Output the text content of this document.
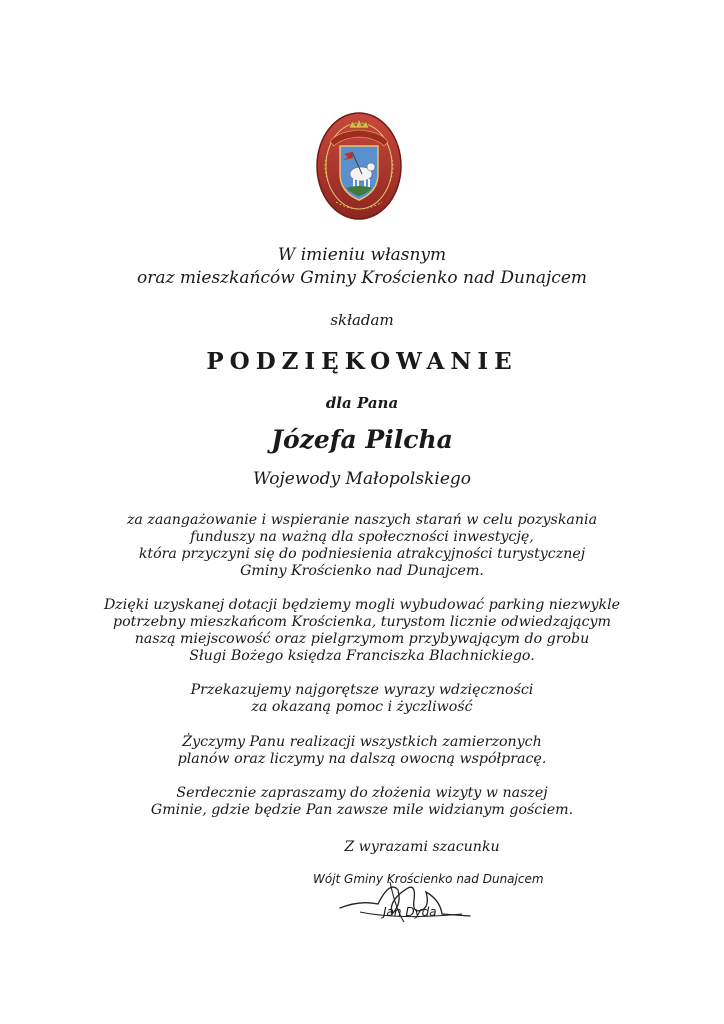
W imieniu własnym
oraz mieszkańców Gminy Krościenko nad Dunajcem
składam
PODZIĘKOWANIE
dla Pana
Józefa Pilcha
Wojewody Małopolskiego
za zaangażowanie i wspieranie naszych starań w celu pozyskania
funduszy na ważną dla społeczności inwestycję,
która przyczyni się do podniesienia atrakcyjności turystycznej
Gminy Krościenko nad Dunajcem.
Dzięki uzyskanej dotacji będziemy mogli wybudować parking niezwykle
potrzebny mieszkańcom Krościenka, turystom licznie odwiedzającym
naszą miejscowość oraz pielgrzymom przybywającym do grobu
Sługi Bożego księdza Franciszka Blachnickiego.
Przekazujemy najgorętsze wyrazy wdzięczności
za okazaną pomoc i życzliwość
Życzymy Panu realizacji wszystkich zamierzonych
planów oraz liczymy na dalszą owocną współpracę.
Serdecznie zapraszamy do złożenia wizyty w naszej
Gminie, gdzie będzie Pan zawsze mile widzianym gościem.
Z wyrazami szacunku
Wójt Gminy Krościenko nad Dunajcem
Jan Dyda
